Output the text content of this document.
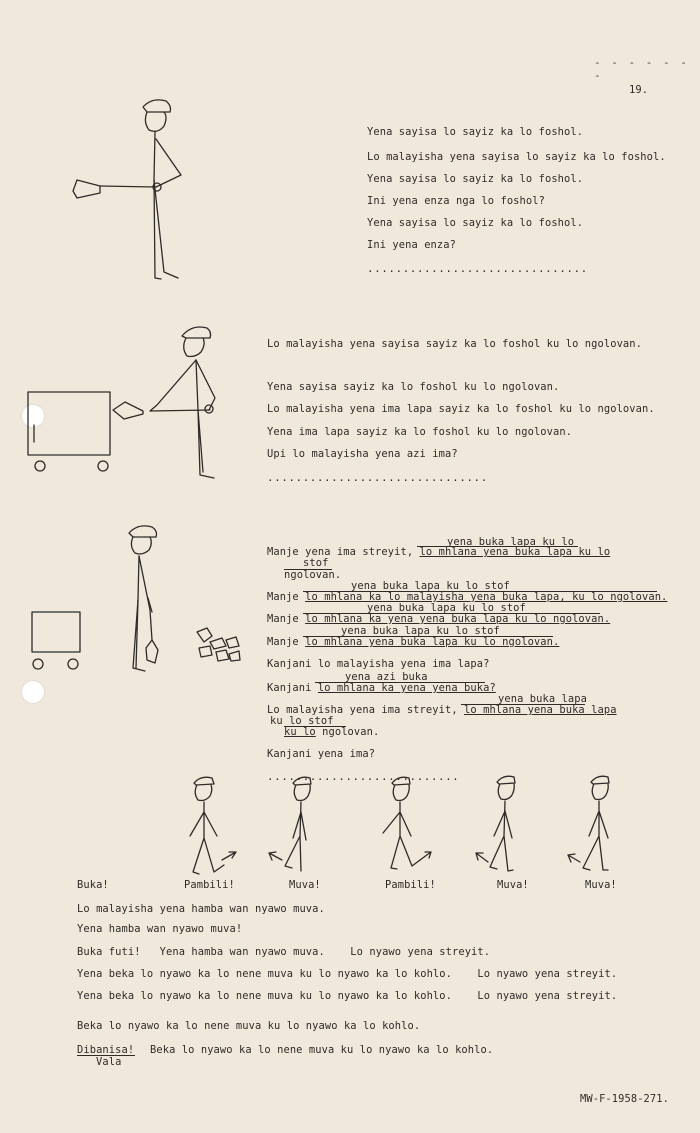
- - - - - - -
19.
Yena sayisa lo sayiz ka lo foshol.
Lo malayisha yena sayisa lo sayiz ka lo foshol.
Yena sayisa lo sayiz ka lo foshol.
Ini yena enza nga lo foshol?
Yena sayisa lo sayiz ka lo foshol.
Ini yena enza?
...............................
Lo malayisha yena sayisa sayiz ka lo foshol ku lo ngolovan.
Yena sayisa sayiz ka lo foshol ku lo ngolovan.
Lo malayisha yena ima lapa sayiz ka lo foshol ku lo ngolovan.
Yena ima lapa sayiz ka lo foshol ku lo ngolovan.
Upi lo malayisha yena azi ima?
...............................
yena buka lapa ku lo
Manje yena ima streyit, lo mhlana yena buka lapa ku lo
stof
ngolovan.
yena buka lapa ku lo stof
Manje lo mhlana ka lo malayisha yena buka lapa, ku lo ngolovan.
yena buka lapa ku lo stof
Manje lo mhlana ka yena yena buka lapa ku lo ngolovan.
yena buka lapa ku lo stof
Manje lo mhlana yena buka lapa ku lo ngolovan.
Kanjani lo malayisha yena ima lapa?
yena azi buka
Kanjani lo mhlana ka yena yena buka?
yena buka lapa
Lo malayisha yena ima streyit, lo mhlana yena buka lapa
ku lo stof
ku lo ngolovan.
Kanjani yena ima?
...........................
Buka!	Pambili!	Muva!	Pambili!	Muva!	Muva!
Lo malayisha yena hamba wan nyawo muva.
Yena hamba wan nyawo muva!
Buka futi!   Yena hamba wan nyawo muva.    Lo nyawo yena streyit.
Yena beka lo nyawo ka lo nene muva ku lo nyawo ka lo kohlo.    Lo nyawo yena streyit.
Yena beka lo nyawo ka lo nene muva ku lo nyawo ka lo kohlo.    Lo nyawo yena streyit.
Beka lo nyawo ka lo nene muva ku lo nyawo ka lo kohlo.
Dibanisa!
Vala
Beka lo nyawo ka lo nene muva ku lo nyawo ka lo kohlo.
MW-F-1958-271.
